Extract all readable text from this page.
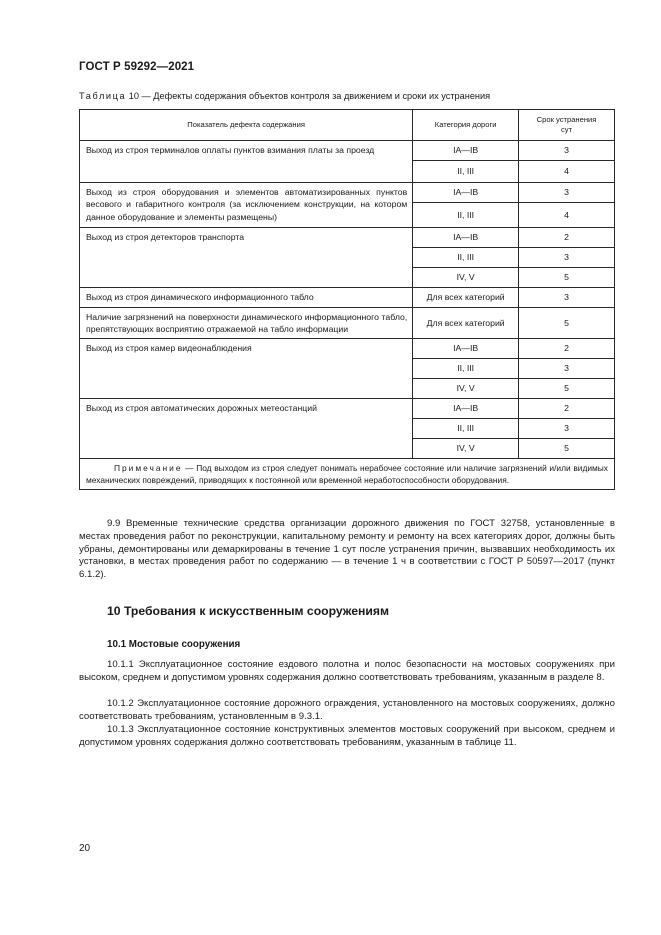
ГОСТ Р 59292—2021
Таблица 10 — Дефекты содержания объектов контроля за движением и сроки их устранения
Показатель дефекта содержания	Категория дороги	Срок устранения сут
Выход из строя терминалов оплаты пунктов взимания платы за проезд	IA—IB	3
	II, III	4
Выход из строя оборудования и элементов автоматизированных пунктов весового и габаритного контроля (за исключением конструкции, на котором данное оборудование и элементы размещены)	IA—IB	3
	II, III	4
Выход из строя детекторов транспорта	IA—IB	2
	II, III	3
	IV, V	5
Выход из строя динамического информационного табло	Для всех категорий	3
Наличие загрязнений на поверхности динамического информационного табло, препятствующих восприятию отражаемой на табло информации	Для всех категорий	5
Выход из строя камер видеонаблюдения	IA—IB	2
	II, III	3
	IV, V	5
Выход из строя автоматических дорожных метеостанций	IA—IB	2
	II, III	3
	IV, V	5
Примечание — Под выходом из строя следует понимать нерабочее состояние или наличие загрязнений и/или видимых механических повреждений, приводящих к постоянной или временной неработоспособности оборудования.		
9.9 Временные технические средства организации дорожного движения по ГОСТ 32758, установленные в местах проведения работ по реконструкции, капитальному ремонту и ремонту на всех категориях дорог, должны быть убраны, демонтированы или демаркированы в течение 1 сут после устранения причин, вызвавших необходимость их установки, в местах проведения работ по содержанию — в течение 1 ч в соответствии с ГОСТ Р 50597—2017 (пункт 6.1.2).
10 Требования к искусственным сооружениям
10.1 Мостовые сооружения
10.1.1 Эксплуатационное состояние ездового полотна и полос безопасности на мостовых сооружениях при высоком, среднем и допустимом уровнях содержания должно соответствовать требованиям, указанным в разделе 8.
10.1.2 Эксплуатационное состояние дорожного ограждения, установленного на мостовых сооружениях, должно соответствовать требованиям, установленным в 9.3.1.
10.1.3 Эксплуатационное состояние конструктивных элементов мостовых сооружений при высоком, среднем и допустимом уровнях содержания должно соответствовать требованиям, указанным в таблице 11.
20
